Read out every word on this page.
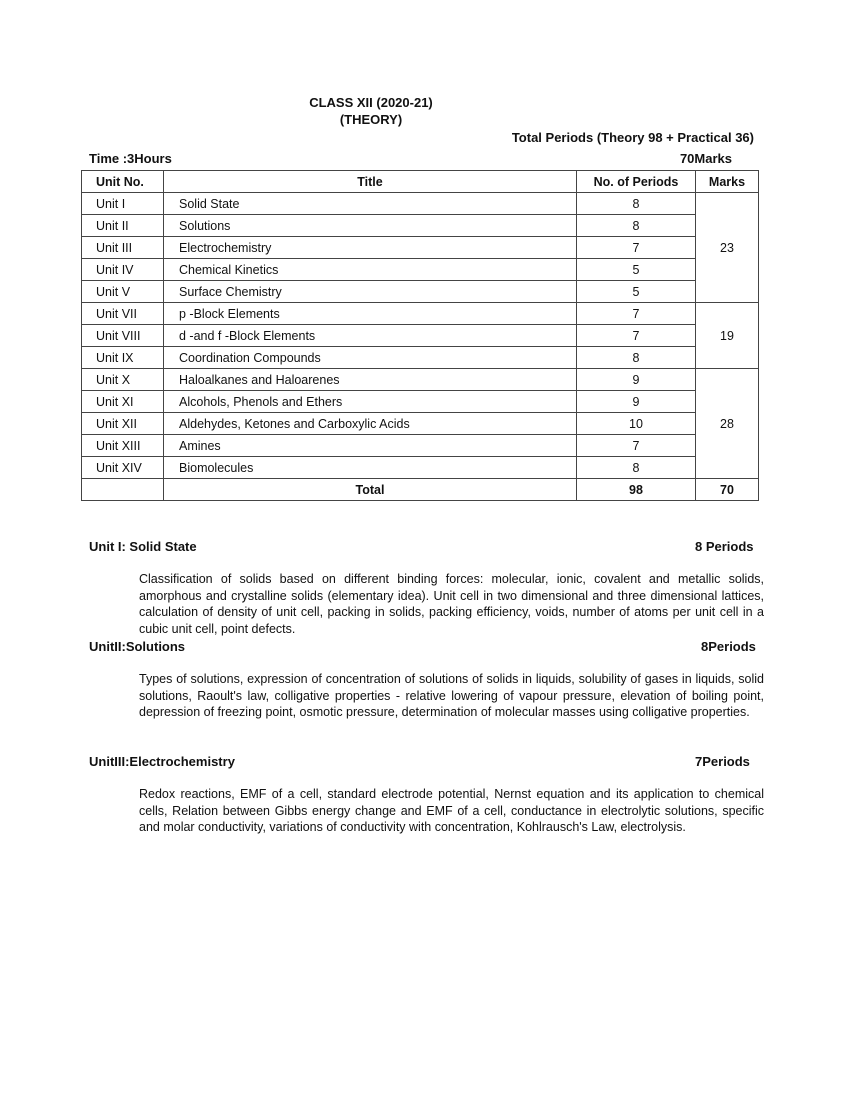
CLASS XII (2020-21)
(THEORY)
Total Periods (Theory 98 + Practical 36)
Time :3Hours	70Marks
Unit No.	Title	No. of Periods	Marks
Unit I	Solid State	8	23
Unit II	Solutions	8	
Unit III	Electrochemistry	7	
Unit IV	Chemical Kinetics	5	
Unit V	Surface Chemistry	5	
Unit VII	p -Block Elements	7	19
Unit VIII	d -and f -Block Elements	7	
Unit IX	Coordination Compounds	8	
Unit X	Haloalkanes and Haloarenes	9	28
Unit XI	Alcohols, Phenols and Ethers	9	
Unit XII	Aldehydes, Ketones and Carboxylic Acids	10	
Unit XIII	Amines	7	
Unit XIV	Biomolecules	8	
	Total	98	70
Unit I: Solid State	8 Periods
Classification of solids based on different binding forces: molecular, ionic, covalent and metallic solids, amorphous and crystalline solids (elementary idea). Unit cell in two dimensional and three dimensional lattices, calculation of density of unit cell, packing in solids, packing efficiency, voids, number of atoms per unit cell in a cubic unit cell, point defects.
UnitII:Solutions	8Periods
Types of solutions, expression of concentration of solutions of solids in liquids, solubility of gases in liquids, solid solutions, Raoult's law, colligative properties - relative lowering of vapour pressure, elevation of boiling point, depression of freezing point, osmotic pressure, determination of molecular masses using colligative properties.
UnitIII:Electrochemistry	7Periods
Redox reactions, EMF of a cell, standard electrode potential, Nernst equation and its application to chemical cells, Relation between Gibbs energy change and EMF of a cell, conductance in electrolytic solutions, specific and molar conductivity, variations of conductivity with concentration, Kohlrausch's Law, electrolysis.
